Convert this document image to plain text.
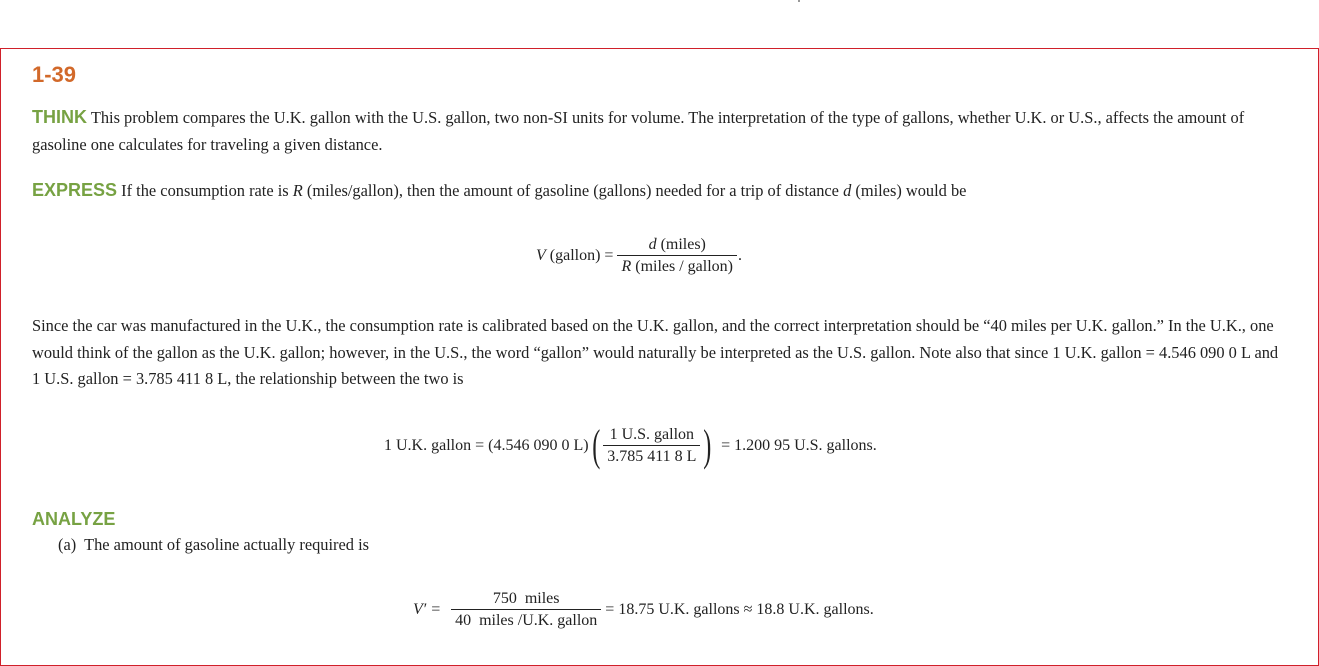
1-39
THINK This problem compares the U.K. gallon with the U.S. gallon, two non-SI units for volume. The interpretation of the type of gallons, whether U.K. or U.S., affects the amount of gasoline one calculates for traveling a given distance.
EXPRESS If the consumption rate is R (miles/gallon), then the amount of gasoline (gallons) needed for a trip of distance d (miles) would be
V (gallon) = $\frac{\text{d (miles)}}{\text{R (miles / gallon)}}$ .
Since the car was manufactured in the U.K., the consumption rate is calibrated based on the U.K. gallon, and the correct interpretation should be “40 miles per U.K. gallon.” In the U.K., one would think of the gallon as the U.K. gallon; however, in the U.S., the word “gallon” would naturally be interpreted as the U.S. gallon. Note also that since 1 U.K. gallon = 4.546 090 0 L and 1 U.S. gallon = 3.785 411 8 L, the relationship between the two is
1 U.K. gallon = (4.546 090 0 L) ( $\frac{\text{1 U.S. gallon}}{3.785 411 8 L}$ ) = 1.200 95 U.S. gallons.
ANALYZE
(a)  The amount of gasoline actually required is
$V' = \frac{\text{750  miles}}{\text{40  miles /U.K. gallon}} = 18.75$ U.K. gallons ≈ 18.8 U.K. gallons.
